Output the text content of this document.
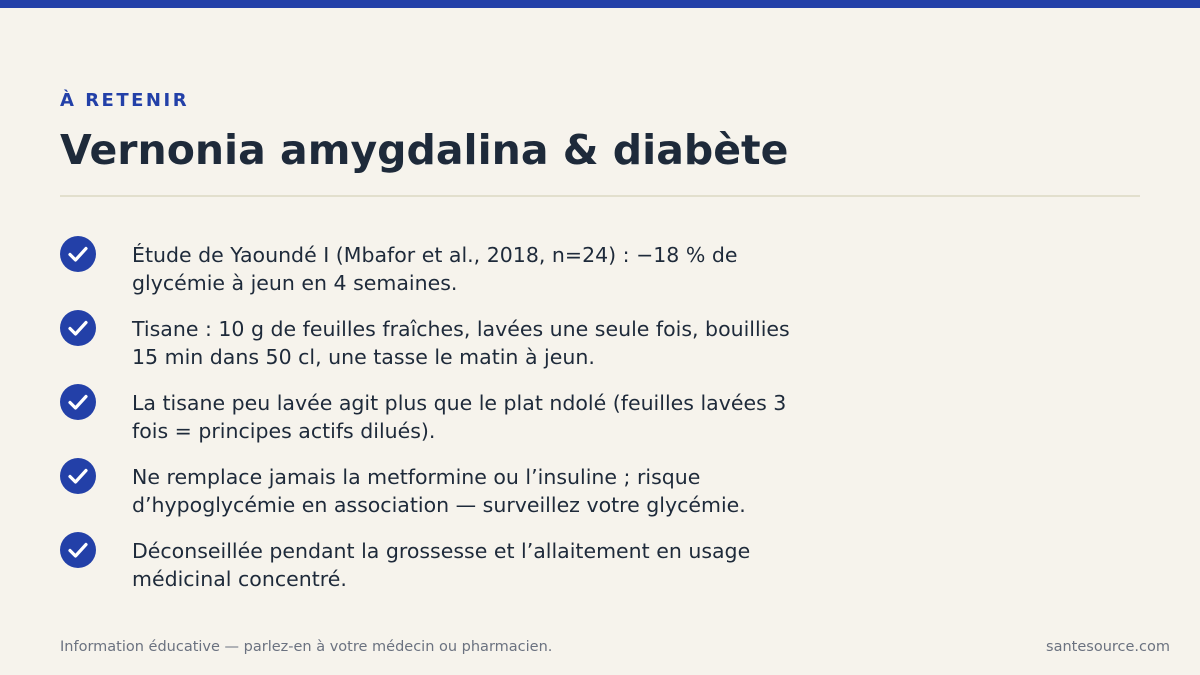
À RETENIR
Vernonia amygdalina & diabète
Étude de Yaoundé I (Mbafor et al., 2018, n=24) : −18 % de glycémie à jeun en 4 semaines.
Tisane : 10 g de feuilles fraîches, lavées une seule fois, bouillies 15 min dans 50 cl, une tasse le matin à jeun.
La tisane peu lavée agit plus que le plat ndolé (feuilles lavées 3 fois = principes actifs dilués).
Ne remplace jamais la metformine ou l’insuline ; risque d’hypoglycémie en association — surveillez votre glycémie.
Déconseillée pendant la grossesse et l’allaitement en usage médicinal concentré.
Information éducative — parlez-en à votre médecin ou pharmacien.	santesource.com
